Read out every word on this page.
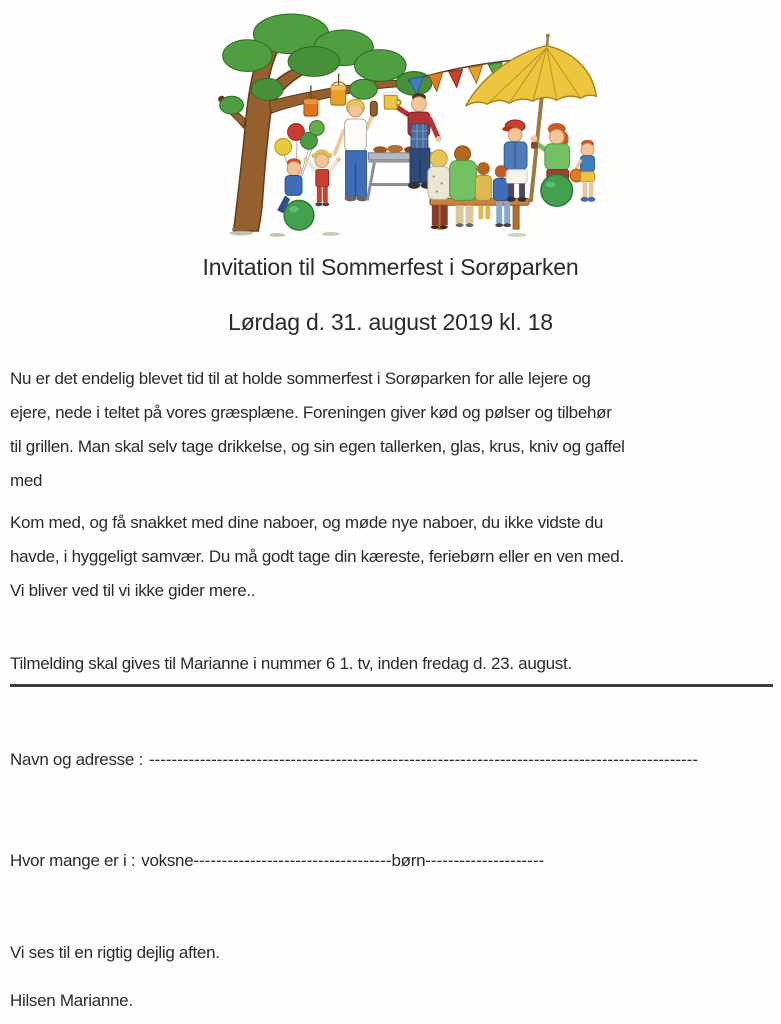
Invitation til Sommerfest i Sorøparken
Lørdag d. 31. august 2019 kl. 18
Nu er det endelig blevet tid til at holde sommerfest i Sorøparken for alle lejere og
ejere, nede i teltet på vores græsplæne. Foreningen giver kød og pølser og tilbehør
til grillen. Man skal selv tage drikkelse, og sin egen tallerken, glas, krus, kniv og gaffel
med
Kom med, og få snakket med dine naboer, og møde nye naboer, du ikke vidste du
havde, i hyggeligt samvær. Du må godt tage din kæreste, feriebørn eller en ven med.
Vi bliver ved til vi ikke gider mere..
Tilmelding skal gives til Marianne i nummer 6 1. tv, inden fredag d. 23. august.
Navn og adresse : -------------------------------------------------------------------------------------------------
Hvor mange er i : voksne-----------------------------------børn---------------------
Vi ses til en rigtig dejlig aften.
Hilsen Marianne.
